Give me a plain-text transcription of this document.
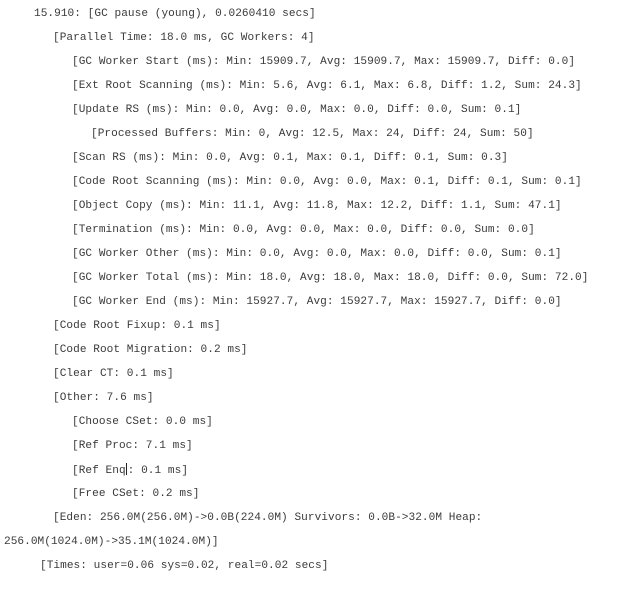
15.910: [GC pause (young), 0.0260410 secs]
[Parallel Time: 18.0 ms, GC Workers: 4]
[GC Worker Start (ms): Min: 15909.7, Avg: 15909.7, Max: 15909.7, Diff: 0.0]
[Ext Root Scanning (ms): Min: 5.6, Avg: 6.1, Max: 6.8, Diff: 1.2, Sum: 24.3]
[Update RS (ms): Min: 0.0, Avg: 0.0, Max: 0.0, Diff: 0.0, Sum: 0.1]
[Processed Buffers: Min: 0, Avg: 12.5, Max: 24, Diff: 24, Sum: 50]
[Scan RS (ms): Min: 0.0, Avg: 0.1, Max: 0.1, Diff: 0.1, Sum: 0.3]
[Code Root Scanning (ms): Min: 0.0, Avg: 0.0, Max: 0.1, Diff: 0.1, Sum: 0.1]
[Object Copy (ms): Min: 11.1, Avg: 11.8, Max: 12.2, Diff: 1.1, Sum: 47.1]
[Termination (ms): Min: 0.0, Avg: 0.0, Max: 0.0, Diff: 0.0, Sum: 0.0]
[GC Worker Other (ms): Min: 0.0, Avg: 0.0, Max: 0.0, Diff: 0.0, Sum: 0.1]
[GC Worker Total (ms): Min: 18.0, Avg: 18.0, Max: 18.0, Diff: 0.0, Sum: 72.0]
[GC Worker End (ms): Min: 15927.7, Avg: 15927.7, Max: 15927.7, Diff: 0.0]
[Code Root Fixup: 0.1 ms]
[Code Root Migration: 0.2 ms]
[Clear CT: 0.1 ms]
[Other: 7.6 ms]
[Choose CSet: 0.0 ms]
[Ref Proc: 7.1 ms]
[Ref Enq : 0.1 ms]
[Free CSet: 0.2 ms]
[Eden: 256.0M(256.0M)->0.0B(224.0M) Survivors: 0.0B->32.0M Heap:
256.0M(1024.0M)->35.1M(1024.0M)]
[Times: user=0.06 sys=0.02, real=0.02 secs]
